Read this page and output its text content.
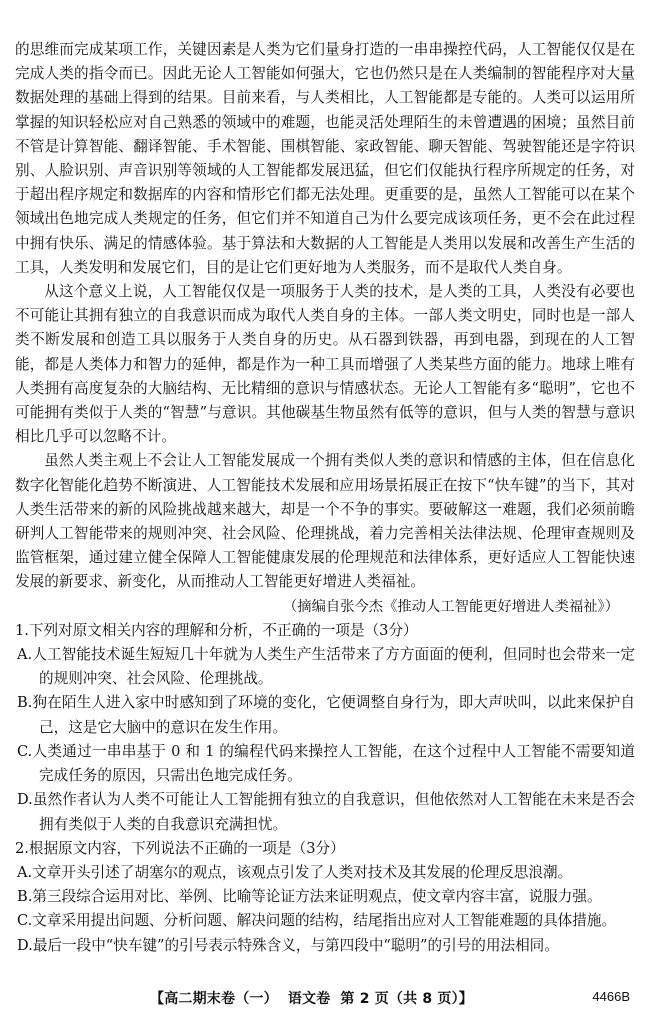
的思维而完成某项工作，关键因素是人类为它们量身打造的一串串操控代码，人工智能仅仅是在完成人类的指令而已。因此无论人工智能如何强大，它也仍然只是在人类编制的智能程序对大量数据处理的基础上得到的结果。目前来看，与人类相比，人工智能都是专能的。人类可以运用所掌握的知识轻松应对自己熟悉的领域中的难题，也能灵活处理陌生的未曾遭遇的困境；虽然目前不管是计算智能、翻译智能、手术智能、围棋智能、家政智能、聊天智能、驾驶智能还是字符识别、人脸识别、声音识别等领域的人工智能都发展迅猛，但它们仅能执行程序所规定的任务，对于超出程序规定和数据库的内容和情形它们都无法处理。更重要的是，虽然人工智能可以在某个领域出色地完成人类规定的任务，但它们并不知道自己为什么要完成该项任务，更不会在此过程中拥有快乐、满足的情感体验。基于算法和大数据的人工智能是人类用以发展和改善生产生活的工具，人类发明和发展它们，目的是让它们更好地为人类服务，而不是取代人类自身。

从这个意义上说，人工智能仅仅是一项服务于人类的技术，是人类的工具，人类没有必要也不可能让其拥有独立的自我意识而成为取代人类自身的主体。一部人类文明史，同时也是一部人类不断发展和创造工具以服务于人类自身的历史。从石器到铁器，再到电器，到现在的人工智能，都是人类体力和智力的延伸，都是作为一种工具而增强了人类某些方面的能力。地球上唯有人类拥有高度复杂的大脑结构、无比精细的意识与情感状态。无论人工智能有多“聪明”，它也不可能拥有类似于人类的“智慧”与意识。其他碳基生物虽然有低等的意识，但与人类的智慧与意识相比几乎可以忽略不计。

虽然人类主观上不会让人工智能发展成一个拥有类似人类的意识和情感的主体，但在信息化数字化智能化趋势不断演进、人工智能技术发展和应用场景拓展正在按下“快车键”的当下，其对人类生活带来的新的风险挑战越来越大，却是一个不争的事实。要破解这一难题，我们必须前瞻研判人工智能带来的规则冲突、社会风险、伦理挑战，着力完善相关法律法规、伦理审查规则及监管框架，通过建立健全保障人工智能健康发展的伦理规范和法律体系，更好适应人工智能快速发展的新要求、新变化，从而推动人工智能更好增进人类福祉。

（摘编自张今杰《推动人工智能更好增进人类福祉》）

1.下列对原文相关内容的理解和分析，不正确的一项是（3分）

A.人工智能技术诞生短短几十年就为人类生产生活带来了方方面面的便利，但同时也会带来一定的规则冲突、社会风险、伦理挑战。

B.狗在陌生人进入家中时感知到了环境的变化，它便调整自身行为，即大声吠叫，以此来保护自己，这是它大脑中的意识在发生作用。

C.人类通过一串串基于 0 和 1 的编程代码来操控人工智能，在这个过程中人工智能不需要知道完成任务的原因，只需出色地完成任务。

D.虽然作者认为人类不可能让人工智能拥有独立的自我意识，但他依然对人工智能在未来是否会拥有类似于人类的自我意识充满担忧。

2.根据原文内容，下列说法不正确的一项是（3分）

A.文章开头引述了胡塞尔的观点，该观点引发了人类对技术及其发展的伦理反思浪潮。

B.第三段综合运用对比、举例、比喻等论证方法来证明观点，使文章内容丰富，说服力强。

C.文章采用提出问题、分析问题、解决问题的结构，结尾指出应对人工智能难题的具体措施。

D.最后一段中“快车键”的引号表示特殊含义，与第四段中“聪明”的引号的用法相同。

【高二期末卷（一） 语文卷 第 2 页（共 8 页）】	4466B
